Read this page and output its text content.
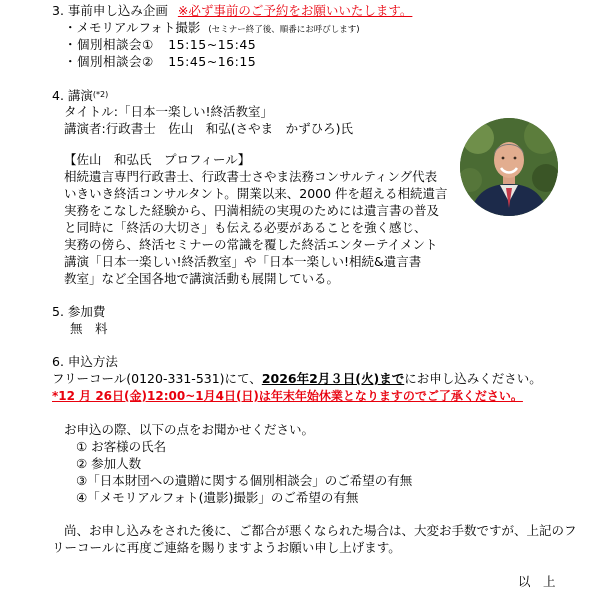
3. 事前申し込み企画 ※必ず事前のご予約をお願いいたします。
・メモリアルフォト撮影 (セミナー終了後、順番にお呼びします)
・個別相談会① 15:15~15:45
・個別相談会② 15:45~16:15
4. 講演$^{(*2)}$
タイトル:「日本一楽しい!終活教室」
講演者:行政書士　佐山　和弘(さやま　かずひろ)氏
【佐山　和弘氏　プロフィール】
相続遺言専門行政書士、行政書士さやま法務コンサルティング代表
いきいき終活コンサルタント。開業以来、2000 件を超える相続遺言
実務をこなした経験から、円満相続の実現のためには遺言書の普及
と同時に「終活の大切さ」も伝える必要があることを強く感じ、
実務の傍ら、終活セミナーの常識を覆した終活エンターテイメント
講演「日本一楽しい!終活教室」や「日本一楽しい!相続&遺言書
教室」など全国各地で講演活動も展開している。
5. 参加費
無　料
6. 申込方法
フリーコール(0120-331-531)にて、2026年2月３日(火)までにお申し込みください。
*12 月 26日(金)12:00~1月4日(日)は年末年始休業となりますのでご了承ください。
お申込の際、以下の点をお聞かせください。
① お客様の氏名
② 参加人数
③「日本財団への遺贈に関する個別相談会」のご希望の有無
④「メモリアルフォト(遺影)撮影」のご希望の有無
尚、お申し込みをされた後に、ご都合が悪くなられた場合は、大変お手数ですが、上記のフ
リーコールに再度ご連絡を賜りますようお願い申し上げます。
以　上
